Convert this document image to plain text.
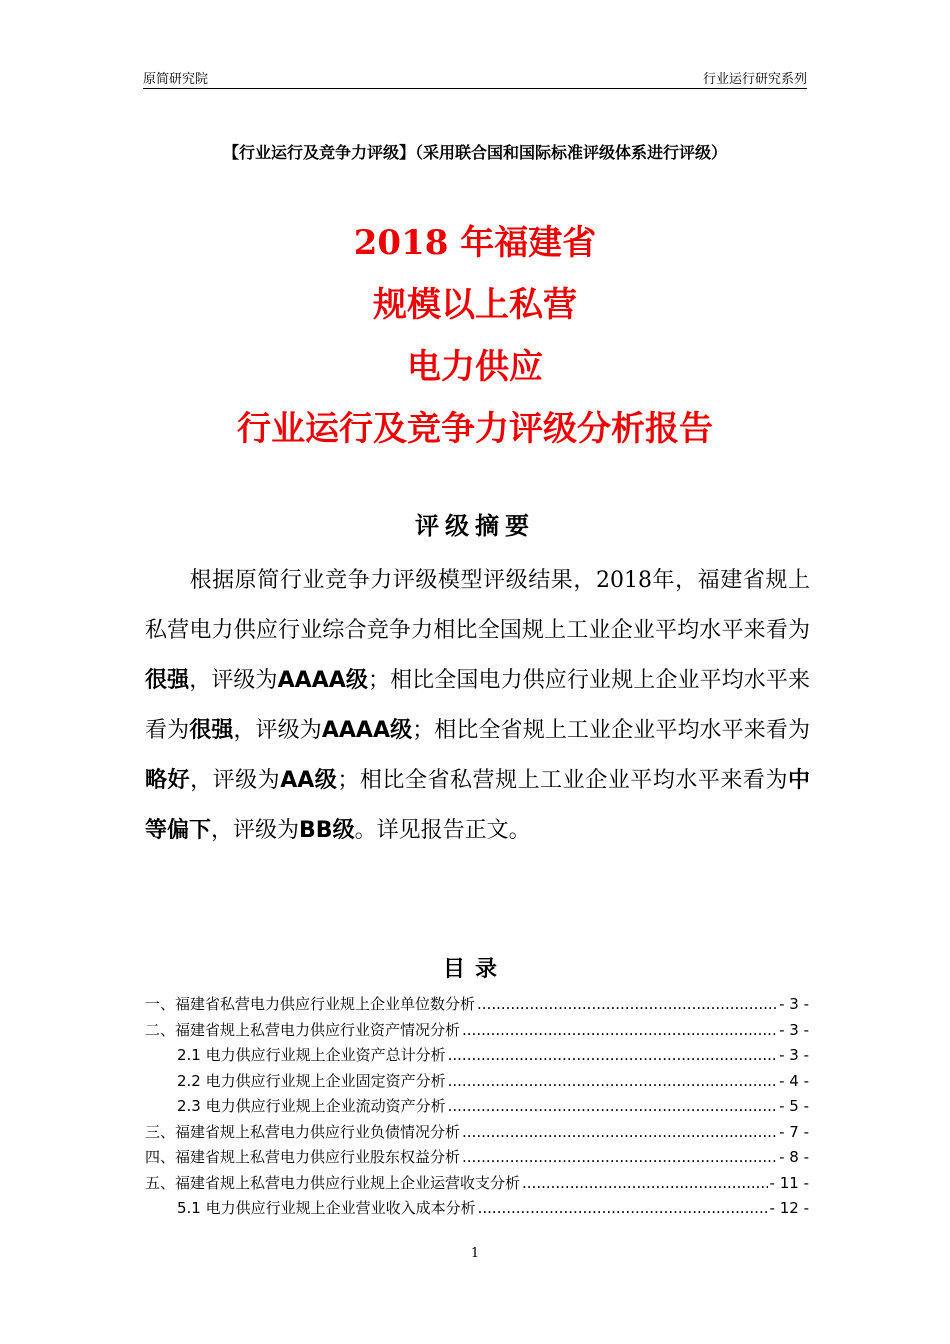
原简研究院	行业运行研究系列
【行业运行及竞争力评级】（采用联合国和国际标准评级体系进行评级）
2018 年福建省
规模以上私营
电力供应
行业运行及竞争力评级分析报告
评级摘要
根据原简行业竞争力评级模型评级结果，2018年，福建省规上私营电力供应行业综合竞争力相比全国规上工业企业平均水平来看为很强，评级为AAAA级；相比全国电力供应行业规上企业平均水平来看为很强，评级为AAAA级；相比全省规上工业企业平均水平来看为略好，评级为AA级；相比全省私营规上工业企业平均水平来看为中等偏下，评级为BB级。详见报告正文。
目录
一、福建省私营电力供应行业规上企业单位数分析 .....	- 3 -
二、福建省规上私营电力供应行业资产情况分析 .....	- 3 -
2.1 电力供应行业规上企业资产总计分析 .....	- 3 -
2.2 电力供应行业规上企业固定资产分析 .....	- 4 -
2.3 电力供应行业规上企业流动资产分析 .....	- 5 -
三、福建省规上私营电力供应行业负债情况分析 .....	- 7 -
四、福建省规上私营电力供应行业股东权益分析 .....	- 8 -
五、福建省规上私营电力供应行业规上企业运营收支分析 .....	- 11 -
5.1 电力供应行业规上企业营业收入成本分析 .....	- 12 -
1
